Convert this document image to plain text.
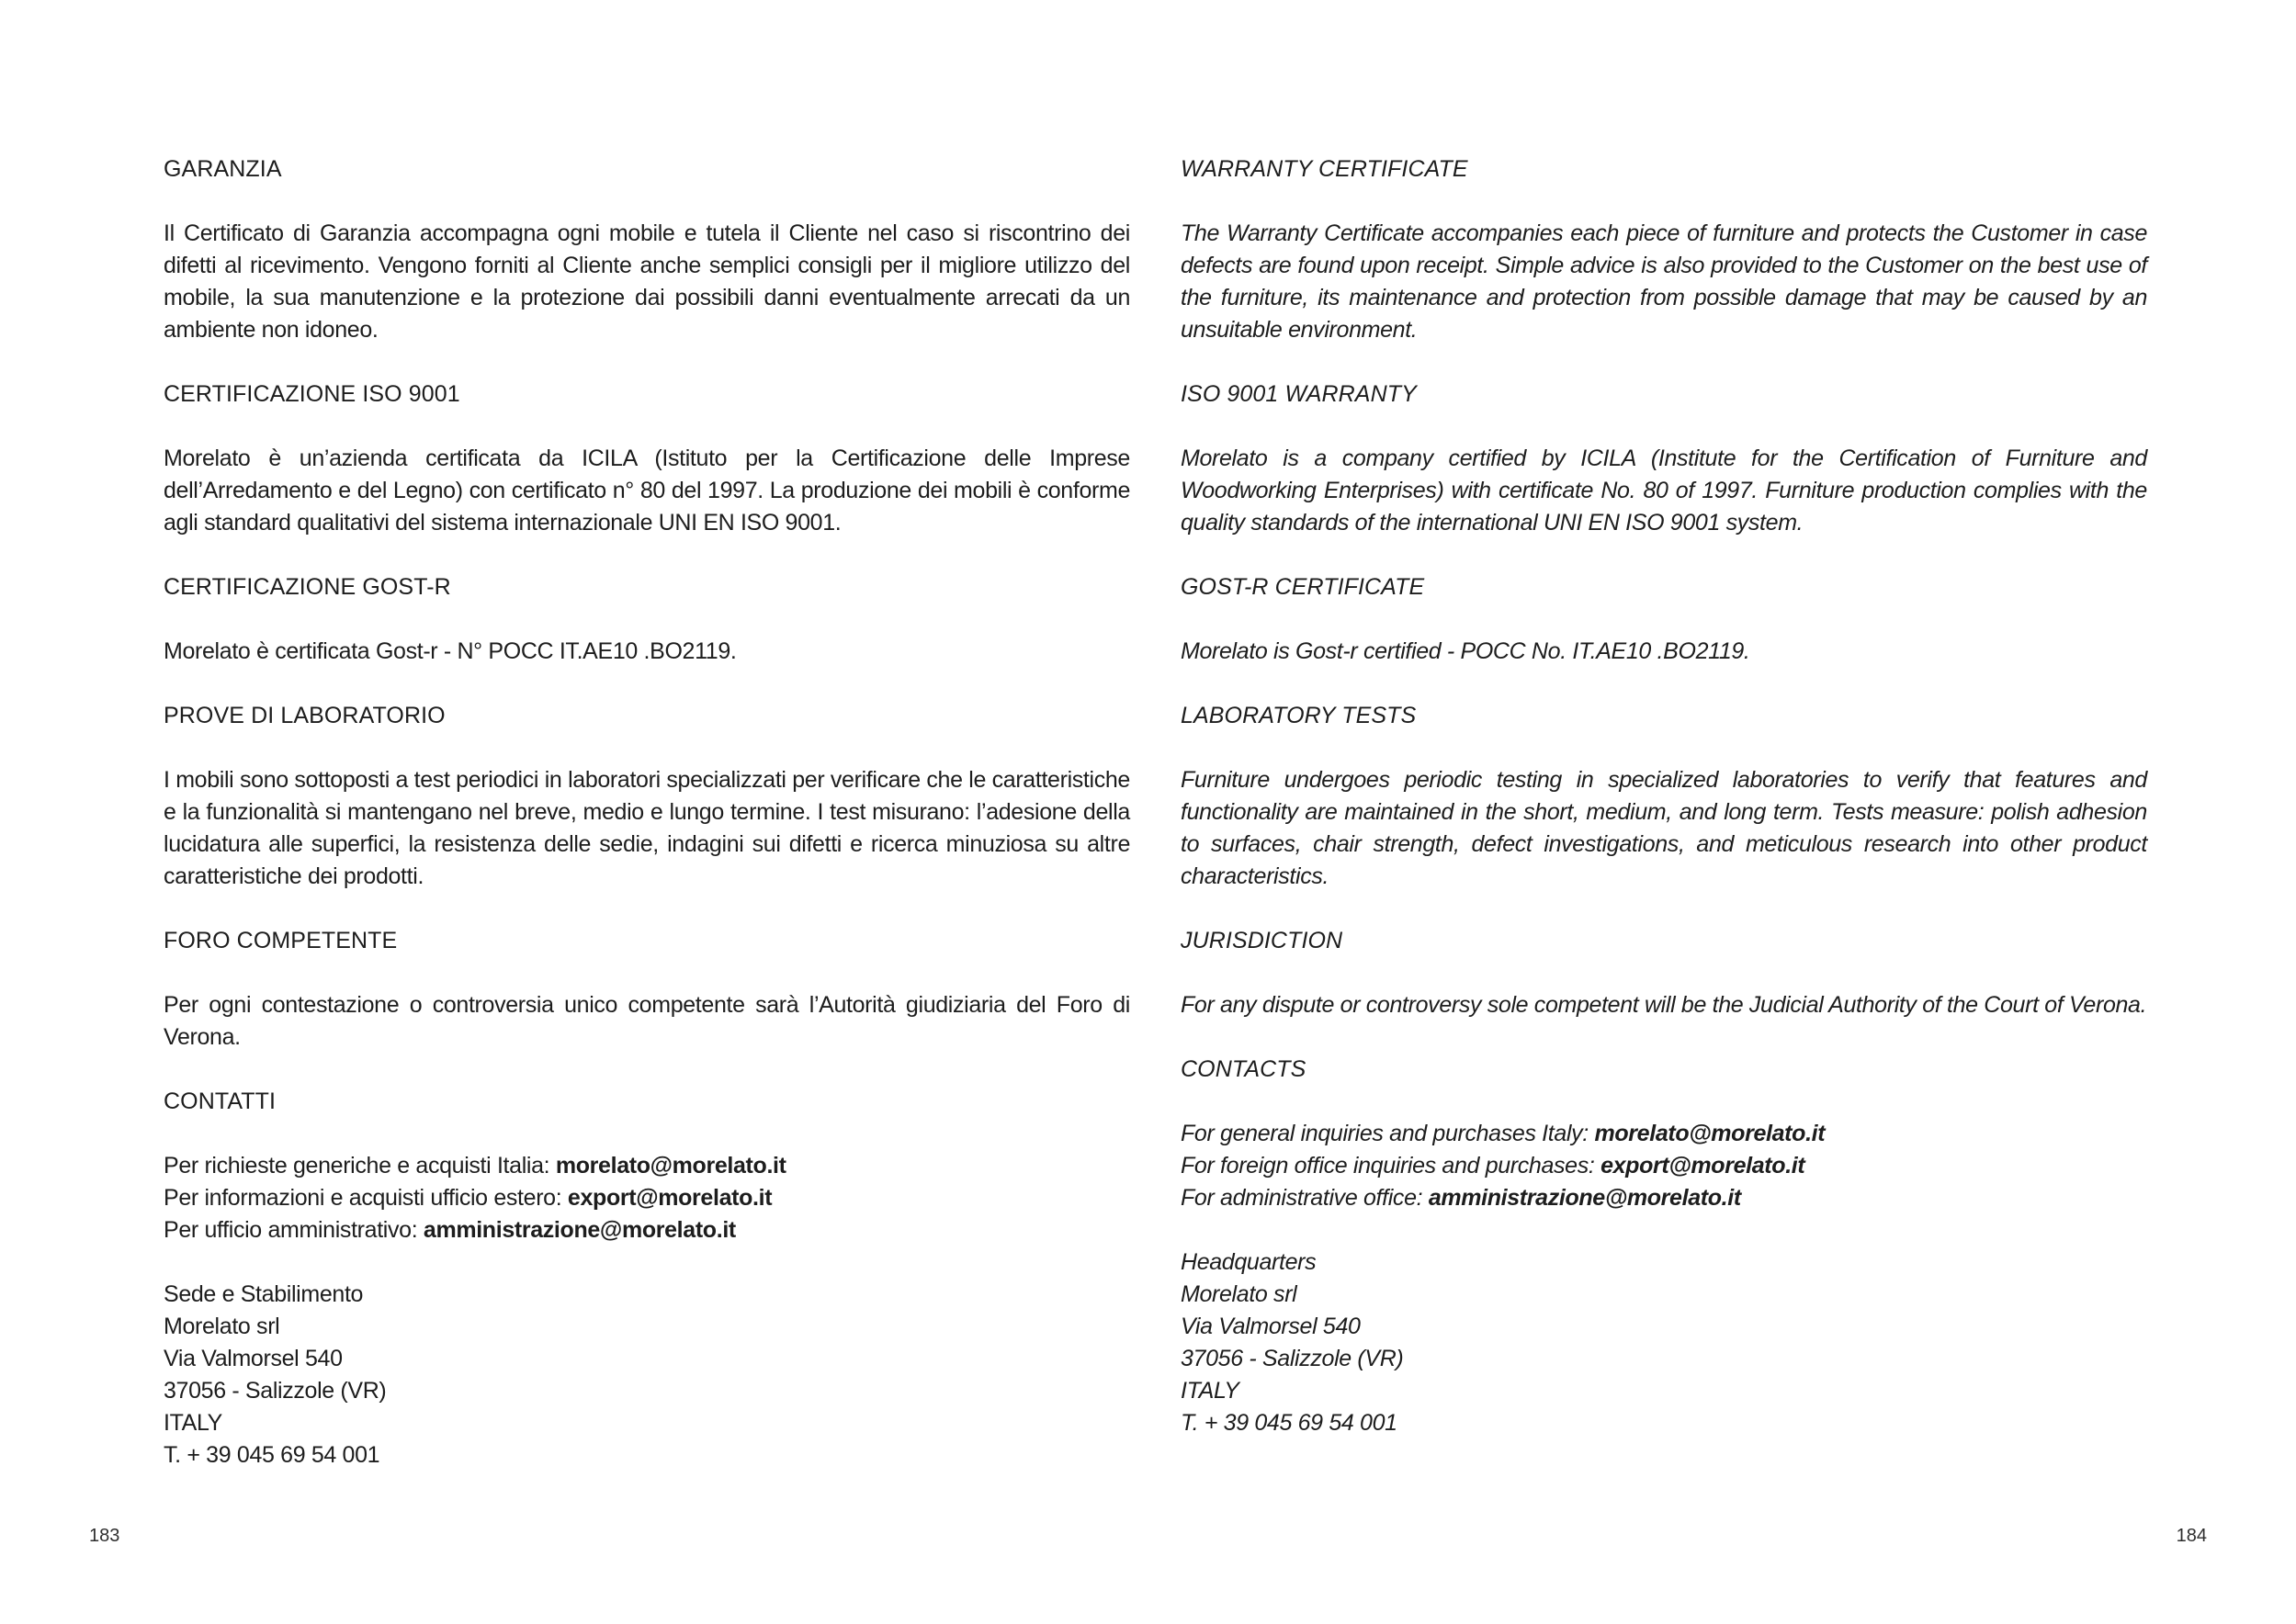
GARANZIA

Il Certificato di Garanzia accompagna ogni mobile e tutela il Cliente nel caso si riscontrino dei difetti al ricevimento. Vengono forniti al Cliente anche semplici consigli per il migliore utilizzo del mobile, la sua manutenzione e la protezione dai possibili danni eventualmente arrecati da un ambiente non idoneo.

CERTIFICAZIONE ISO 9001

Morelato è un’azienda certificata da ICILA (Istituto per la Certificazione delle Imprese dell’Arredamento e del Legno) con certificato n° 80 del 1997. La produzione dei mobili è conforme agli standard qualitativi del sistema internazionale UNI EN ISO 9001.

CERTIFICAZIONE GOST-R

Morelato è certificata Gost-r - N° POCC IT.AE10 .BO2119.

PROVE DI LABORATORIO

I mobili sono sottoposti a test periodici in laboratori specializzati per verificare che le caratteristiche e la funzionalità si mantengano nel breve, medio e lungo termine. I test misurano: l’adesione della lucidatura alle superfici, la resistenza delle sedie, indagini sui difetti e ricerca minuziosa su altre caratteristiche dei prodotti.

FORO COMPETENTE

Per ogni contestazione o controversia unico competente sarà l’Autorità giudiziaria del Foro di Verona.

CONTATTI
Per richieste generiche e acquisti Italia: morelato@morelato.it
Per informazioni e acquisti ufficio estero: export@morelato.it
Per ufficio amministrativo: amministrazione@morelato.it
Sede e Stabilimento
Morelato srl
Via Valmorsel 540
37056 - Salizzole (VR)
ITALY
T. + 39 045 69 54 001
WARRANTY CERTIFICATE

The Warranty Certificate accompanies each piece of furniture and protects the Customer in case defects are found upon receipt. Simple advice is also provided to the Customer on the best use of the furniture, its maintenance and protection from possible damage that may be caused by an unsuitable environment.

ISO 9001 WARRANTY

Morelato is a company certified by ICILA (Institute for the Certification of Furniture and Woodworking Enterprises) with certificate No. 80 of 1997. Furniture production complies with the quality standards of the international UNI EN ISO 9001 system.

GOST-R CERTIFICATE

Morelato is Gost-r certified - POCC No. IT.AE10 .BO2119.

LABORATORY TESTS

Furniture undergoes periodic testing in specialized laboratories to verify that features and functionality are maintained in the short, medium, and long term. Tests measure: polish adhesion to surfaces, chair strength, defect investigations, and meticulous research into other product characteristics.

JURISDICTION

For any dispute or controversy sole competent will be the Judicial Authority of the Court of Verona.

CONTACTS
For general inquiries and purchases Italy: morelato@morelato.it
For foreign office inquiries and purchases: export@morelato.it
For administrative office: amministrazione@morelato.it
Headquarters
Morelato srl
Via Valmorsel 540
37056 - Salizzole (VR)
ITALY
T. + 39 045 69 54 001
183	184
